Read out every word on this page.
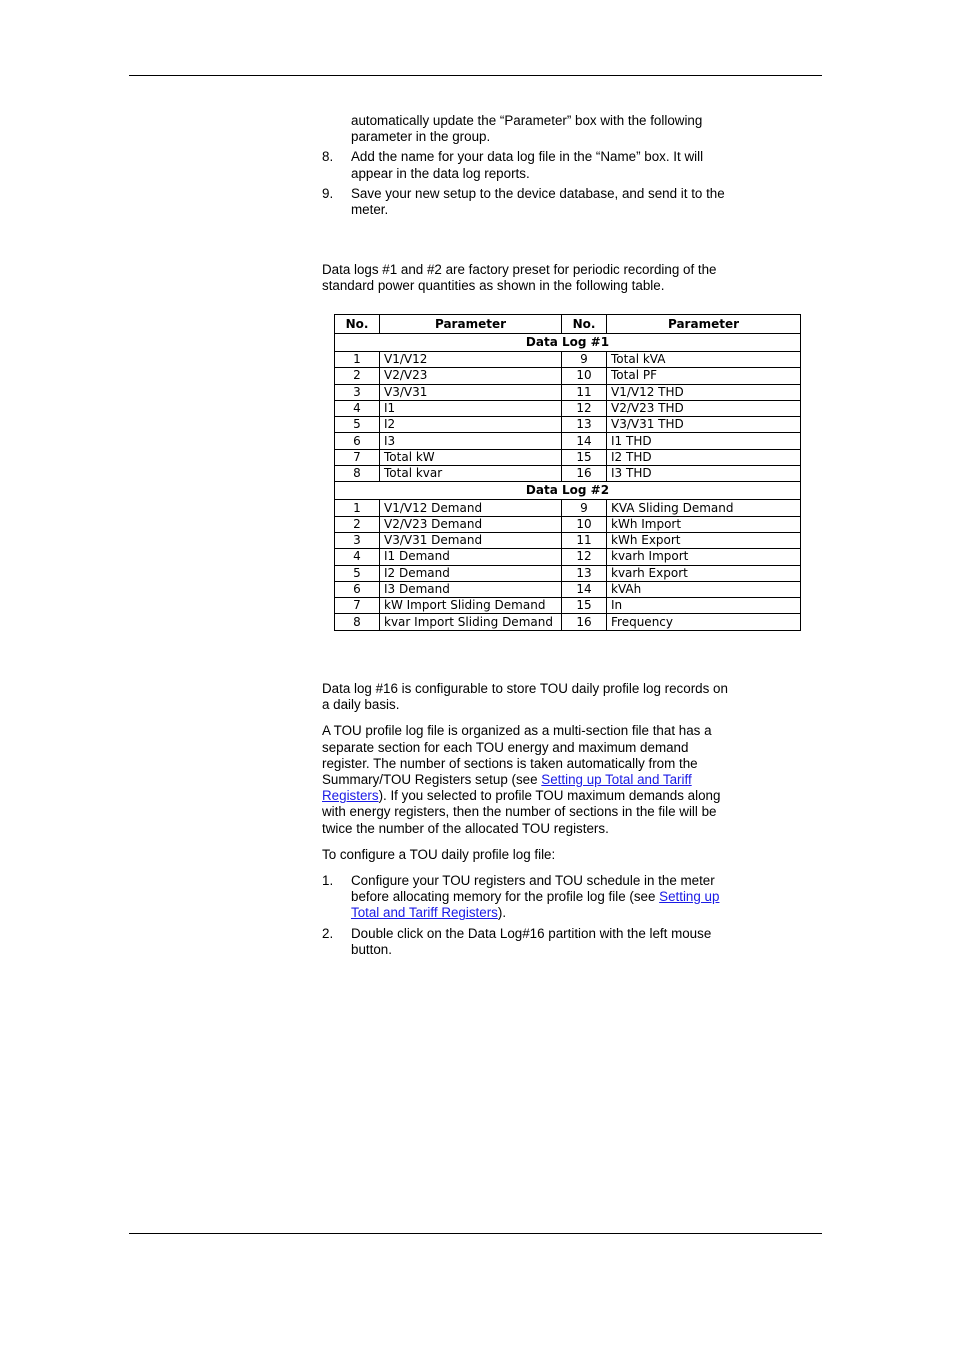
automatically update the “Parameter” box with the following parameter in the group.

8. Add the name for your data log file in the “Name” box. It will appear in the data log reports.

9. Save your new setup to the device database, and send it to the meter.

Data logs #1 and #2 are factory preset for periodic recording of the standard power quantities as shown in the following table.

No.	Parameter	No.	Parameter
Data Log #1			
1	V1/V12	9	Total kVA
2	V2/V23	10	Total PF
3	V3/V31	11	V1/V12 THD
4	I1	12	V2/V23 THD
5	I2	13	V3/V31 THD
6	I3	14	I1 THD
7	Total kW	15	I2 THD
8	Total kvar	16	I3 THD
Data Log #2			
1	V1/V12 Demand	9	KVA Sliding Demand
2	V2/V23 Demand	10	kWh Import
3	V3/V31 Demand	11	kWh Export
4	I1 Demand	12	kvarh Import
5	I2 Demand	13	kvarh Export
6	I3 Demand	14	kVAh
7	kW Import Sliding Demand	15	In
8	kvar Import Sliding Demand	16	Frequency

Data log #16 is configurable to store TOU daily profile log records on a daily basis.

A TOU profile log file is organized as a multi-section file that has a separate section for each TOU energy and maximum demand register. The number of sections is taken automatically from the Summary/TOU Registers setup (see Setting up Total and Tariff Registers). If you selected to profile TOU maximum demands along with energy registers, then the number of sections in the file will be twice the number of the allocated TOU registers.

To configure a TOU daily profile log file:

1. Configure your TOU registers and TOU schedule in the meter before allocating memory for the profile log file (see Setting up Total and Tariff Registers).

2. Double click on the Data Log#16 partition with the left mouse button.
